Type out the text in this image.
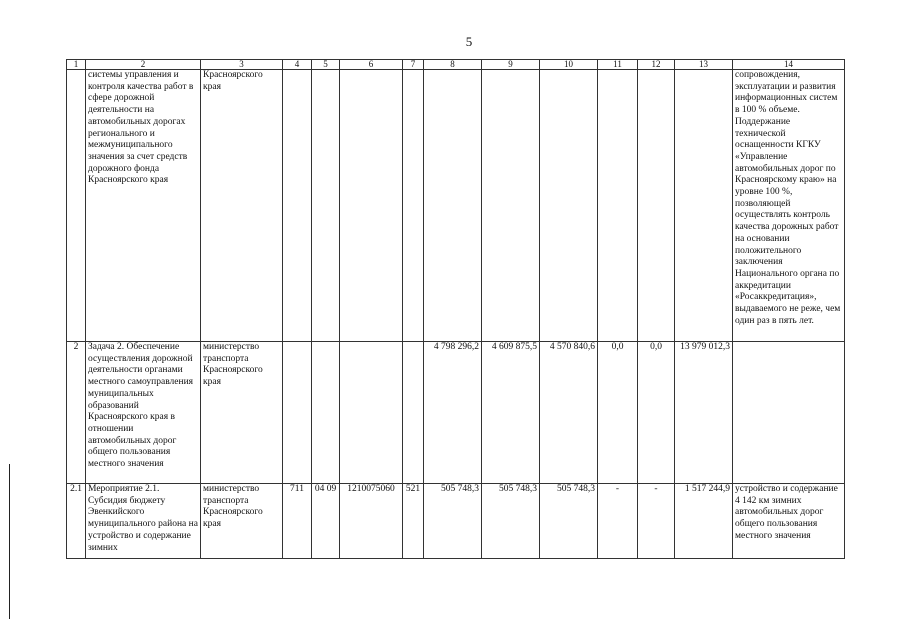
5
1	2	3	4	5	6	7	8	9	10	11	12	13	14
	системы управления и контроля качества работ в сфере дорожной деятельности на автомобильных дорогах регионального и межмуниципального значения за счет средств дорожного фонда Красноярского края	Красноярского края											сопровождения, эксплуатации и развития информационных систем в 100 % объеме. Поддержание технической оснащенности КГКУ «Управление автомобильных дорог по Красноярскому краю» на уровне 100 %, позволяющей осуществлять контроль качества дорожных работ на основании положительного заключения Национального органа по аккредитации «Росаккредитация», выдаваемого не реже, чем один раз в пять лет.
2	Задача 2. Обеспечение осуществления дорожной деятельности органами местного самоуправления муниципальных образований Красноярского края в отношении автомобильных дорог общего пользования местного значения	министерство транспорта Красноярского края					4 798 296,2	4 609 875,5	4 570 840,6	0,0	0,0	13 979 012,3	

2.1	Мероприятие 2.1. Субсидия бюджету Эвенкийского муниципального района на устройство и содержание зимних	министерство транспорта Красноярского края	711	04 09	1210075060	521	505 748,3	505 748,3	505 748,3	-	-	1 517 244,9	устройство и содержание 4 142 км зимних автомобильных дорог общего пользования местного значения
